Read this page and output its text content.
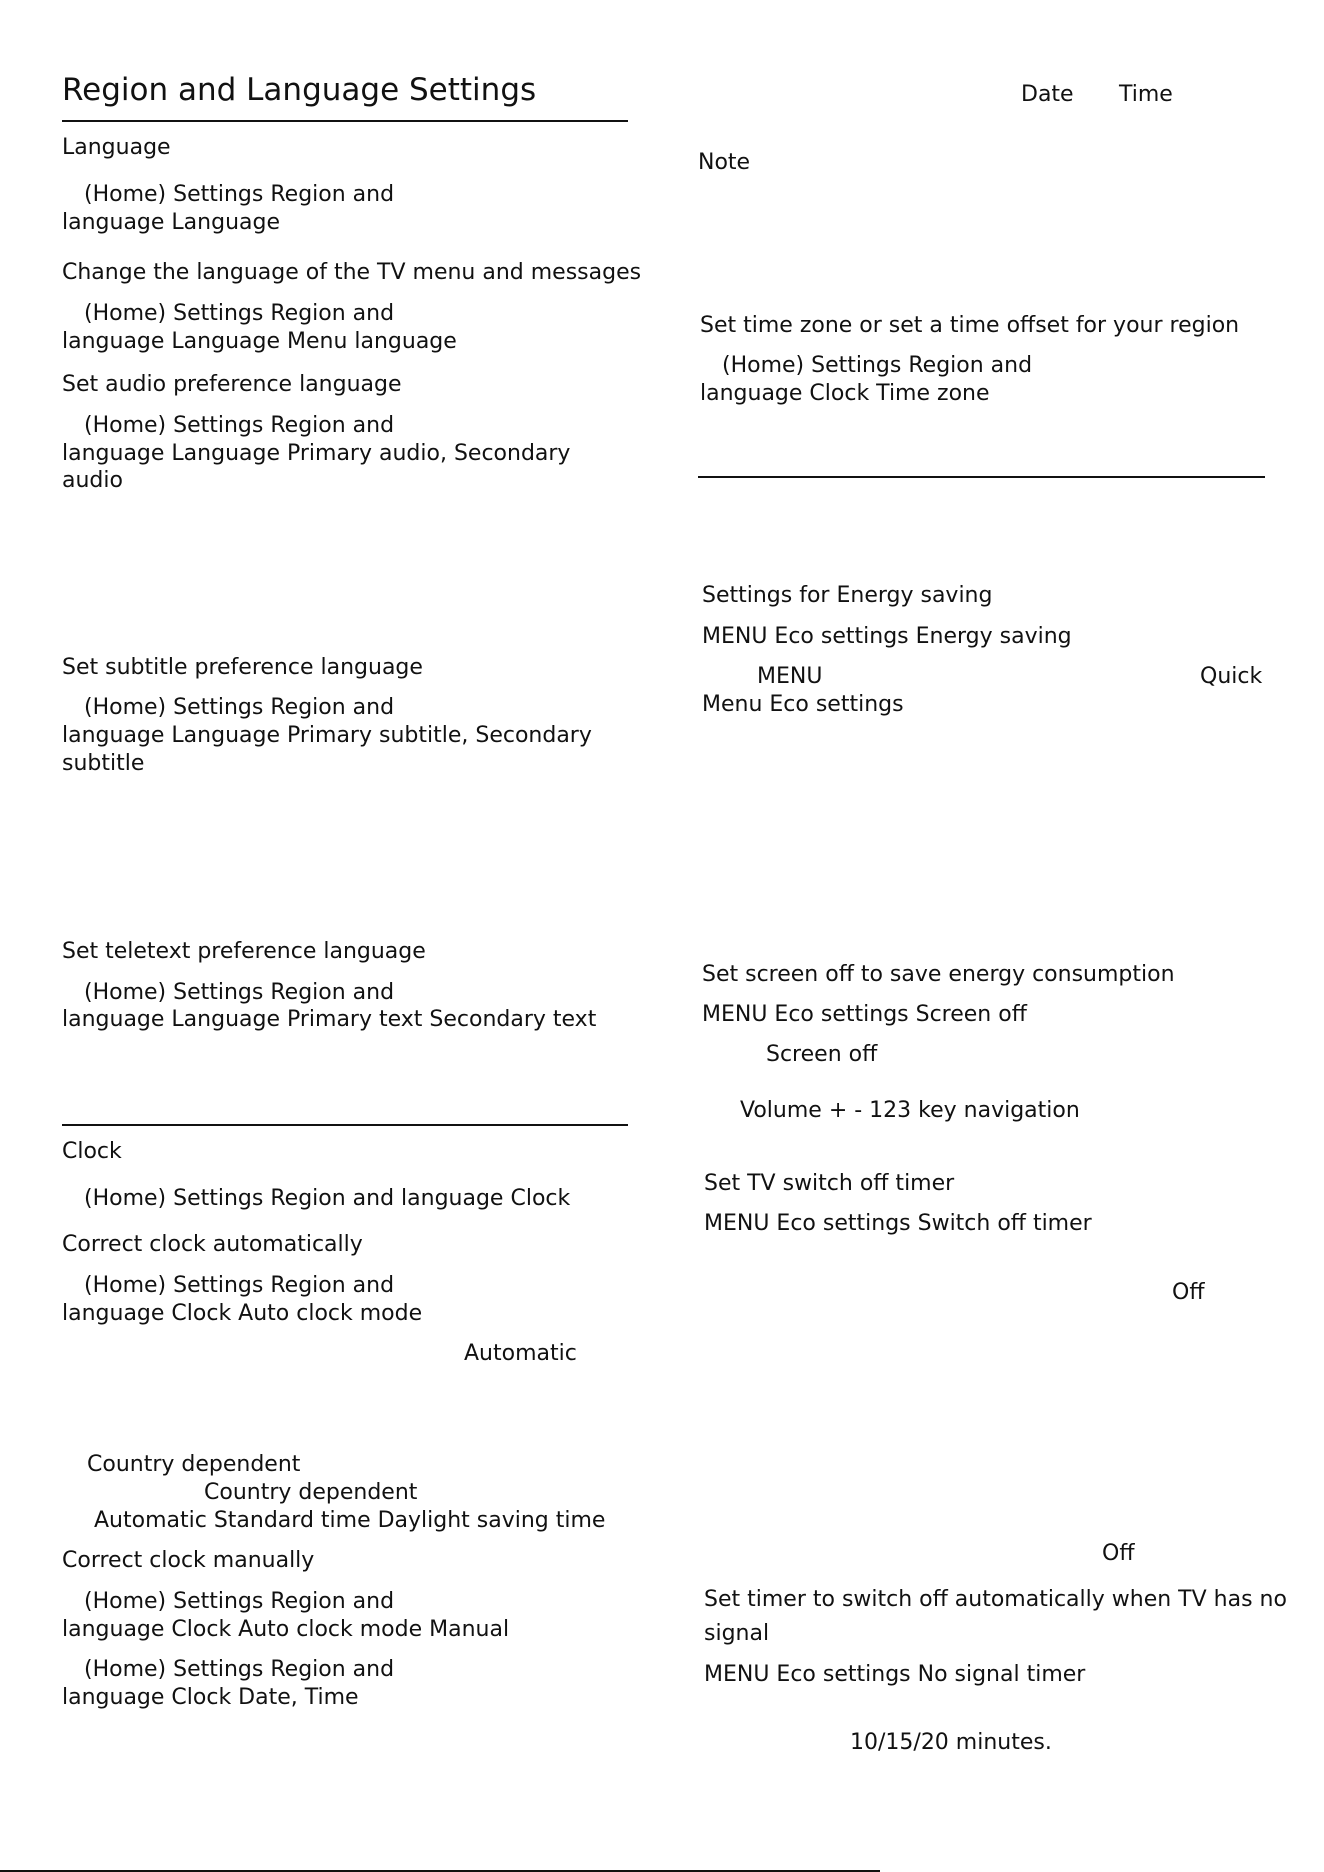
Region and Language Settings
Language
(Home) Settings Region and
language Language
Change the language of the TV menu and messages
(Home) Settings Region and
language Language Menu language
Set audio preference language
(Home) Settings Region and
language Language Primary audio, Secondary
audio
Set subtitle preference language
(Home) Settings Region and
language Language Primary subtitle, Secondary
subtitle
Set teletext preference language
(Home) Settings Region and
language Language Primary text Secondary text
Clock
(Home) Settings Region and language Clock
Correct clock automatically
(Home) Settings Region and
language Clock Auto clock mode
Automatic
Country dependent
Country dependent
Automatic Standard time Daylight saving time
Correct clock manually
(Home) Settings Region and
language Clock Auto clock mode Manual
(Home) Settings Region and
language Clock Date, Time
Date Time
Note
Set time zone or set a time offset for your region
(Home) Settings Region and
language Clock Time zone
Settings for Energy saving
MENU Eco settings Energy saving
MENU	Quick
Menu Eco settings
Set screen off to save energy consumption
MENU Eco settings Screen off
Screen off
Volume + - 123 key navigation
Set TV switch off timer
MENU Eco settings Switch off timer
Off
Off
Set timer to switch off automatically when TV has no
signal
MENU Eco settings No signal timer
10/15/20 minutes.
